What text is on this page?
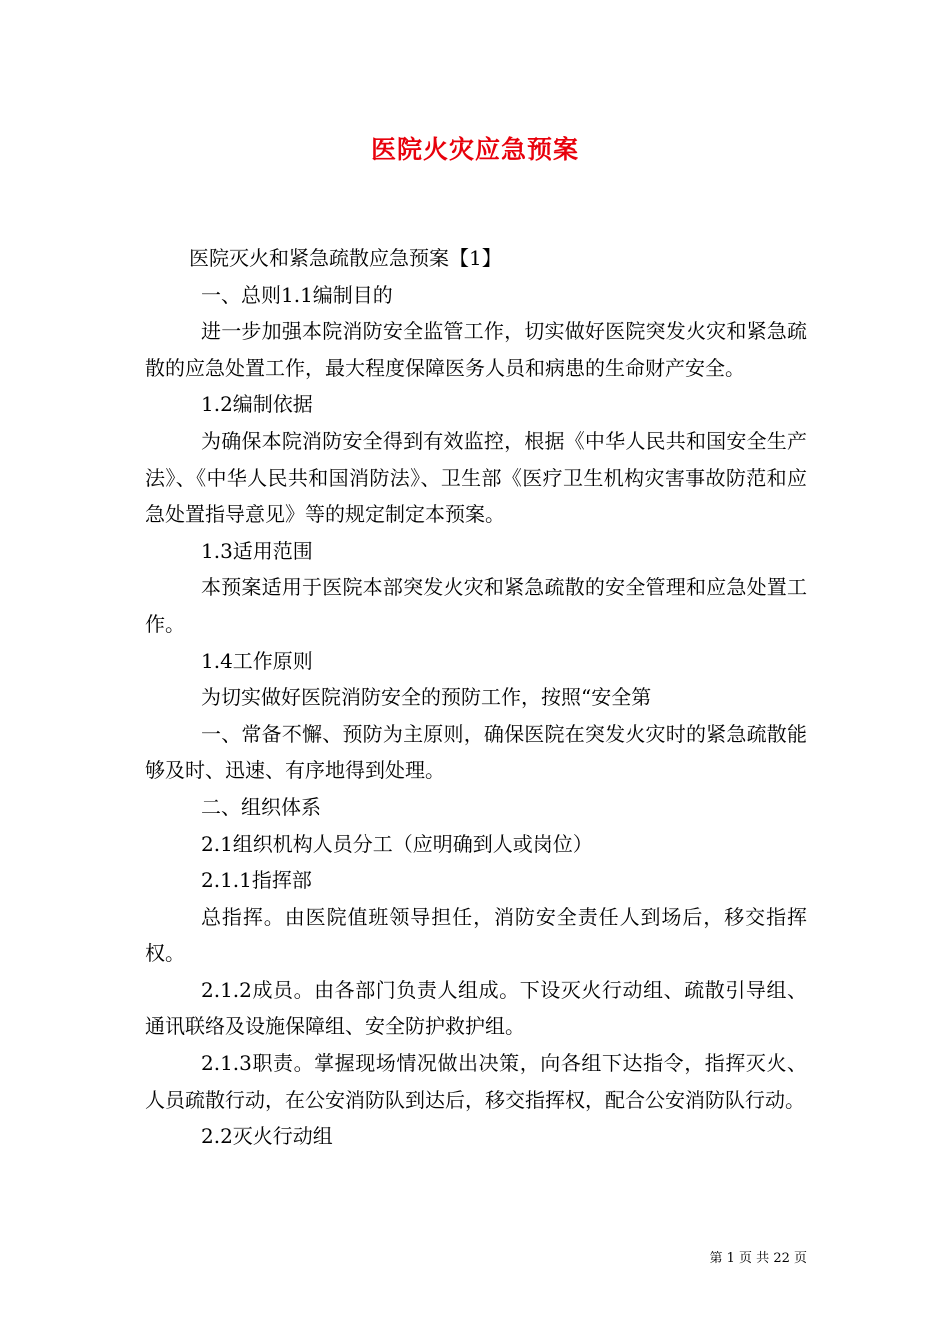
医院火灾应急预案

医院灭火和紧急疏散应急预案【1】

一、总则1.1编制目的

进一步加强本院消防安全监管工作，切实做好医院突发火灾和紧急疏散的应急处置工作，最大程度保障医务人员和病患的生命财产安全。

1.2编制依据

为确保本院消防安全得到有效监控，根据《中华人民共和国安全生产法》、《中华人民共和国消防法》、卫生部《医疗卫生机构灾害事故防范和应急处置指导意见》等的规定制定本预案。

1.3适用范围

本预案适用于医院本部突发火灾和紧急疏散的安全管理和应急处置工作。

1.4工作原则

为切实做好医院消防安全的预防工作，按照“安全第

一、常备不懈、预防为主原则，确保医院在突发火灾时的紧急疏散能够及时、迅速、有序地得到处理。

二、组织体系

2.1组织机构人员分工（应明确到人或岗位）

2.1.1指挥部

总指挥。由医院值班领导担任，消防安全责任人到场后，移交指挥权。

2.1.2成员。由各部门负责人组成。下设灭火行动组、疏散引导组、通讯联络及设施保障组、安全防护救护组。

2.1.3职责。掌握现场情况做出决策，向各组下达指令，指挥灭火、人员疏散行动，在公安消防队到达后，移交指挥权，配合公安消防队行动。

2.2灭火行动组

第 1 页 共 22 页
